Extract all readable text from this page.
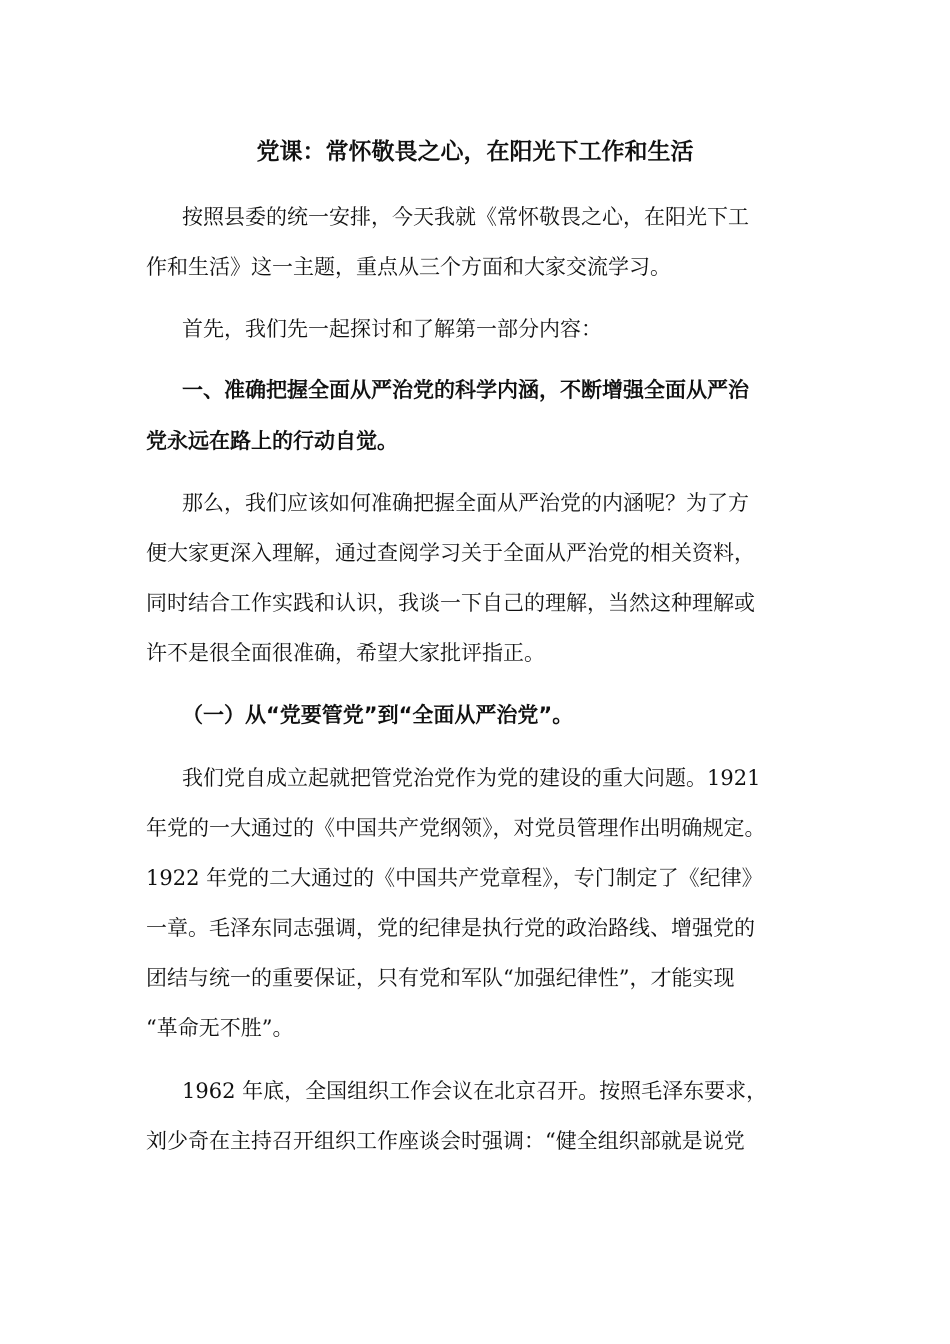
党课：常怀敬畏之心，在阳光下工作和生活

按照县委的统一安排，今天我就《常怀敬畏之心，在阳光下工

作和生活》这一主题，重点从三个方面和大家交流学习。

首先，我们先一起探讨和了解第一部分内容：

一、准确把握全面从严治党的科学内涵，不断增强全面从严治

党永远在路上的行动自觉。

那么，我们应该如何准确把握全面从严治党的内涵呢？为了方

便大家更深入理解，通过查阅学习关于全面从严治党的相关资料，

同时结合工作实践和认识，我谈一下自己的理解，当然这种理解或

许不是很全面很准确，希望大家批评指正。

（一）从“党要管党”到“全面从严治党”。

我们党自成立起就把管党治党作为党的建设的重大问题。1921

年党的一大通过的《中国共产党纲领》，对党员管理作出明确规定。

1922 年党的二大通过的《中国共产党章程》，专门制定了《纪律》

一章。毛泽东同志强调，党的纪律是执行党的政治路线、增强党的

团结与统一的重要保证，只有党和军队“加强纪律性”，才能实现

“革命无不胜”。

1962 年底，全国组织工作会议在北京召开。按照毛泽东要求，

刘少奇在主持召开组织工作座谈会时强调：“健全组织部就是说党
